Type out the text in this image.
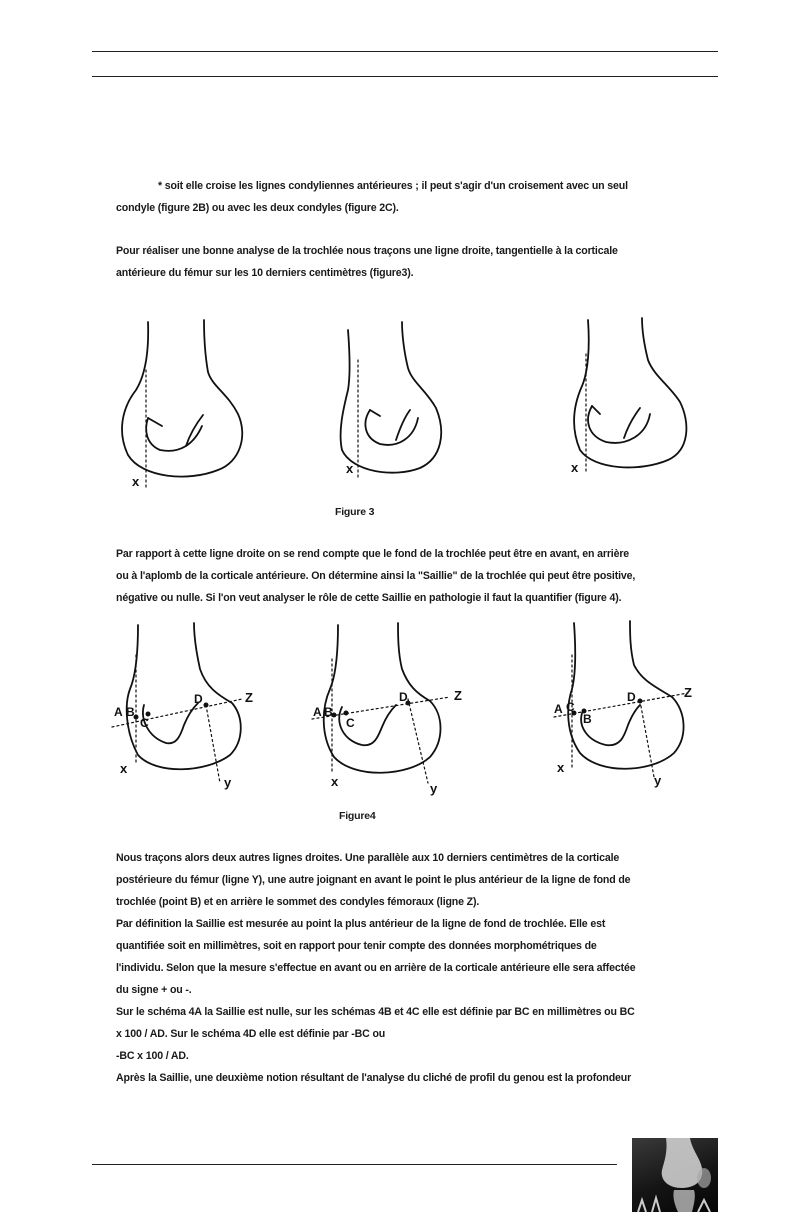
* soit elle croise les lignes condyliennes antérieures ; il peut s'agir d'un croisement avec un seul
condyle (figure 2B) ou avec les deux condyles (figure 2C).
Pour réaliser une bonne analyse de la trochlée nous traçons une ligne droite, tangentielle à la corticale
antérieure du fémur sur les 10 derniers centimètres (figure3).
x
x	x
Figure 3
Par rapport à cette ligne droite on se rend compte que le fond de la trochlée peut être en avant, en arrière
ou à l'aplomb de la corticale antérieure. On détermine ainsi la "Saillie" de la trochlée qui peut être positive,
négative ou nulle. Si l'on veut analyser le rôle de cette Saillie en pathologie il faut la quantifier (figure 4).
A B
C
D	Z
x
y
A B
C
D	Z
x	y
A C
B
D	Z
x
y
Figure4
Nous traçons alors deux autres lignes droites. Une parallèle aux 10 derniers centimètres de la corticale
postérieure du fémur (ligne Y), une autre joignant en avant le point le plus antérieur de la ligne de fond de
trochlée (point B) et en arrière le sommet des condyles fémoraux (ligne Z).
Par définition la Saillie est mesurée au point la plus antérieur de la ligne de fond de trochlée. Elle est
quantifiée soit en millimètres, soit en rapport pour tenir compte des données morphométriques de
l'individu. Selon que la mesure s'effectue en avant ou en arrière de la corticale antérieure elle sera affectée
du signe + ou -.
Sur le schéma 4A la Saillie est nulle, sur les schémas 4B et 4C elle est définie par BC en millimètres ou BC
x 100 / AD. Sur le schéma 4D elle est définie par -BC ou
-BC x 100 / AD.
Après la Saillie, une deuxième notion résultant de l'analyse du cliché de profil du genou est la profondeur
